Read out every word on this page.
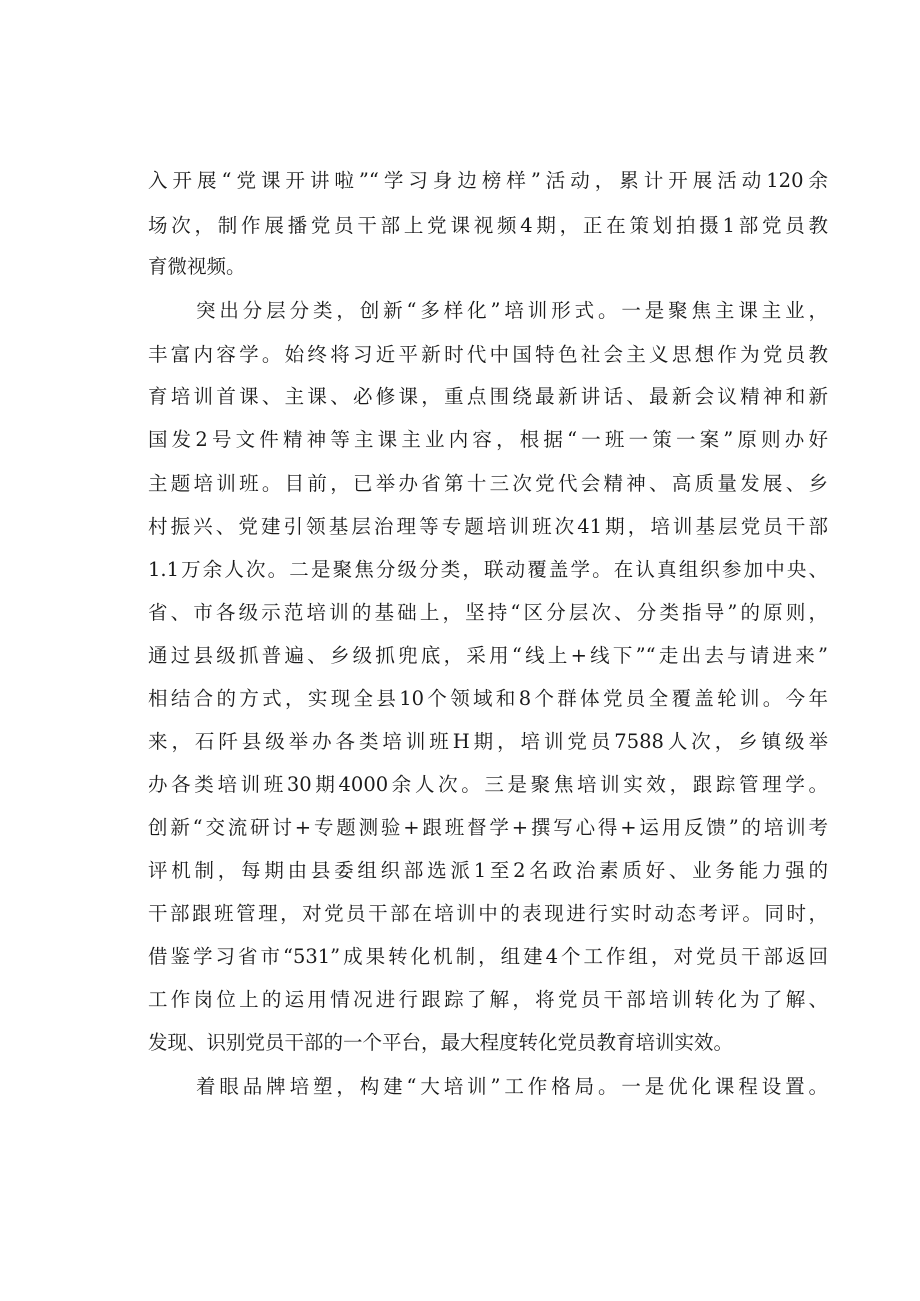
入开展“党课开讲啦”“学习身边榜样”活动，累计开展活动120余
场次，制作展播党员干部上党课视频4期，正在策划拍摄1部党员教
育微视频。
突出分层分类，创新“多样化”培训形式。一是聚焦主课主业，
丰富内容学。始终将习近平新时代中国特色社会主义思想作为党员教
育培训首课、主课、必修课，重点围绕最新讲话、最新会议精神和新
国发2号文件精神等主课主业内容，根据“一班一策一案”原则办好
主题培训班。目前，已举办省第十三次党代会精神、高质量发展、乡
村振兴、党建引领基层治理等专题培训班次41期，培训基层党员干部
1.1万余人次。二是聚焦分级分类，联动覆盖学。在认真组织参加中央、
省、市各级示范培训的基础上，坚持“区分层次、分类指导”的原则，
通过县级抓普遍、乡级抓兜底，采用“线上+线下”“走出去与请进来”
相结合的方式，实现全县10个领域和8个群体党员全覆盖轮训。今年
来，石阡县级举办各类培训班H期，培训党员7588人次，乡镇级举
办各类培训班30期4000余人次。三是聚焦培训实效，跟踪管理学。
创新“交流研讨+专题测验+跟班督学+撰写心得+运用反馈”的培训考
评机制，每期由县委组织部选派1至2名政治素质好、业务能力强的
干部跟班管理，对党员干部在培训中的表现进行实时动态考评。同时，
借鉴学习省市“531”成果转化机制，组建4个工作组，对党员干部返回
工作岗位上的运用情况进行跟踪了解，将党员干部培训转化为了解、
发现、识别党员干部的一个平台，最大程度转化党员教育培训实效。
着眼品牌培塑，构建“大培训”工作格局。一是优化课程设置。
